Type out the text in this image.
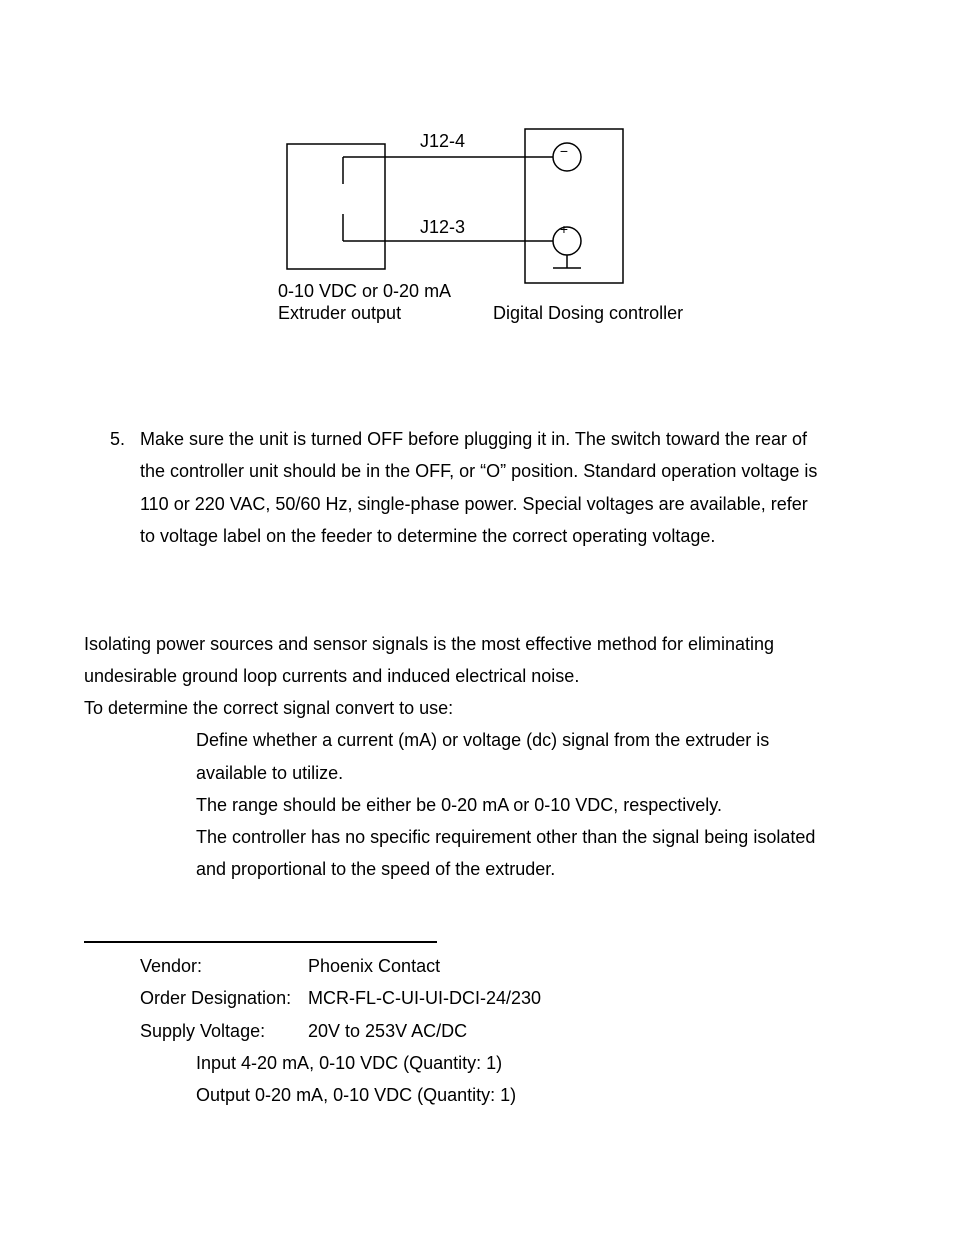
−
+
J12-4
J12-3
0-10 VDC or 0-20 mA
Extruder output	Digital Dosing controller
5. Make sure the unit is turned OFF before plugging it in. The switch toward the rear of
the controller unit should be in the OFF, or “O” position. Standard operation voltage is
110 or 220 VAC, 50/60 Hz, single-phase power. Special voltages are available, refer
to voltage label on the feeder to determine the correct operating voltage.
Isolating power sources and sensor signals is the most effective method for eliminating
undesirable ground loop currents and induced electrical noise.
To determine the correct signal convert to use:
Define whether a current (mA) or voltage (dc) signal from the extruder is
available to utilize.
The range should be either be 0-20 mA or 0-10 VDC, respectively.
The controller has no specific requirement other than the signal being isolated
and proportional to the speed of the extruder.
Vendor:	Phoenix Contact
Order Designation: MCR-FL-C-UI-UI-DCI-24/230
Supply Voltage: 20V to 253V AC/DC
Input 4-20 mA, 0-10 VDC (Quantity: 1)
Output 0-20 mA, 0-10 VDC (Quantity: 1)
